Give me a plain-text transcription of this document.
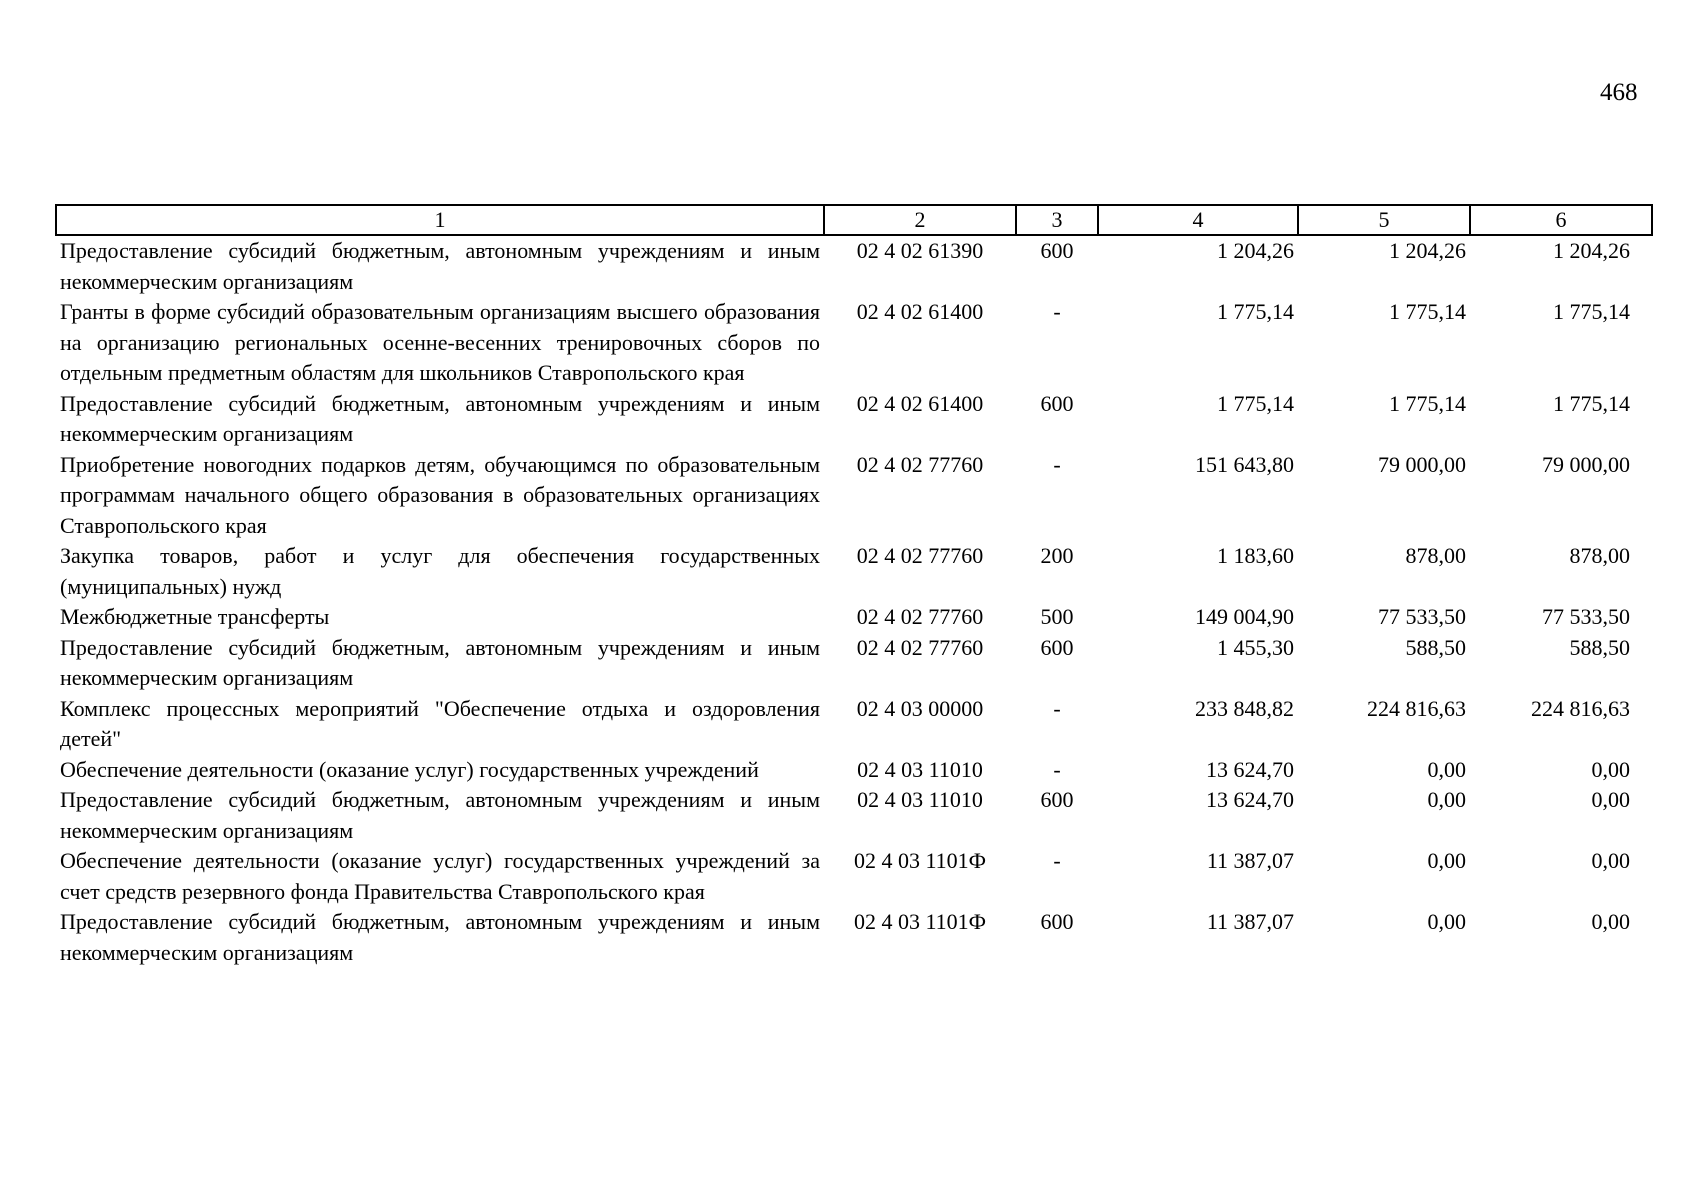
468
1	2	3	4	5	6
Предоставление субсидий бюджетным, автономным учреждениям и иным некоммерческим организациям	02 4 02 61390	600	1 204,26	1 204,26	1 204,26
Гранты в форме субсидий образовательным организациям высшего образования на организацию региональных осенне-весенних тренировочных сборов по отдельным предметным областям для школьников Ставропольского края	02 4 02 61400	-	1 775,14	1 775,14	1 775,14
Предоставление субсидий бюджетным, автономным учреждениям и иным некоммерческим организациям	02 4 02 61400	600	1 775,14	1 775,14	1 775,14
Приобретение новогодних подарков детям, обучающимся по образовательным программам начального общего образования в образовательных организациях Ставропольского края	02 4 02 77760	-	151 643,80	79 000,00	79 000,00
Закупка товаров, работ и услуг для обеспечения государственных (муниципальных) нужд	02 4 02 77760	200	1 183,60	878,00	878,00
Межбюджетные трансферты	02 4 02 77760	500	149 004,90	77 533,50	77 533,50
Предоставление субсидий бюджетным, автономным учреждениям и иным некоммерческим организациям	02 4 02 77760	600	1 455,30	588,50	588,50
Комплекс процессных мероприятий "Обеспечение отдыха и оздоровления детей"	02 4 03 00000	-	233 848,82	224 816,63	224 816,63
Обеспечение деятельности (оказание услуг) государственных учреждений	02 4 03 11010	-	13 624,70	0,00	0,00
Предоставление субсидий бюджетным, автономным учреждениям и иным некоммерческим организациям	02 4 03 11010	600	13 624,70	0,00	0,00
Обеспечение деятельности (оказание услуг) государственных учреждений за счет средств резервного фонда Правительства Ставропольского края	02 4 03 1101Ф	-	11 387,07	0,00	0,00
Предоставление субсидий бюджетным, автономным учреждениям и иным некоммерческим организациям	02 4 03 1101Ф	600	11 387,07	0,00	0,00
